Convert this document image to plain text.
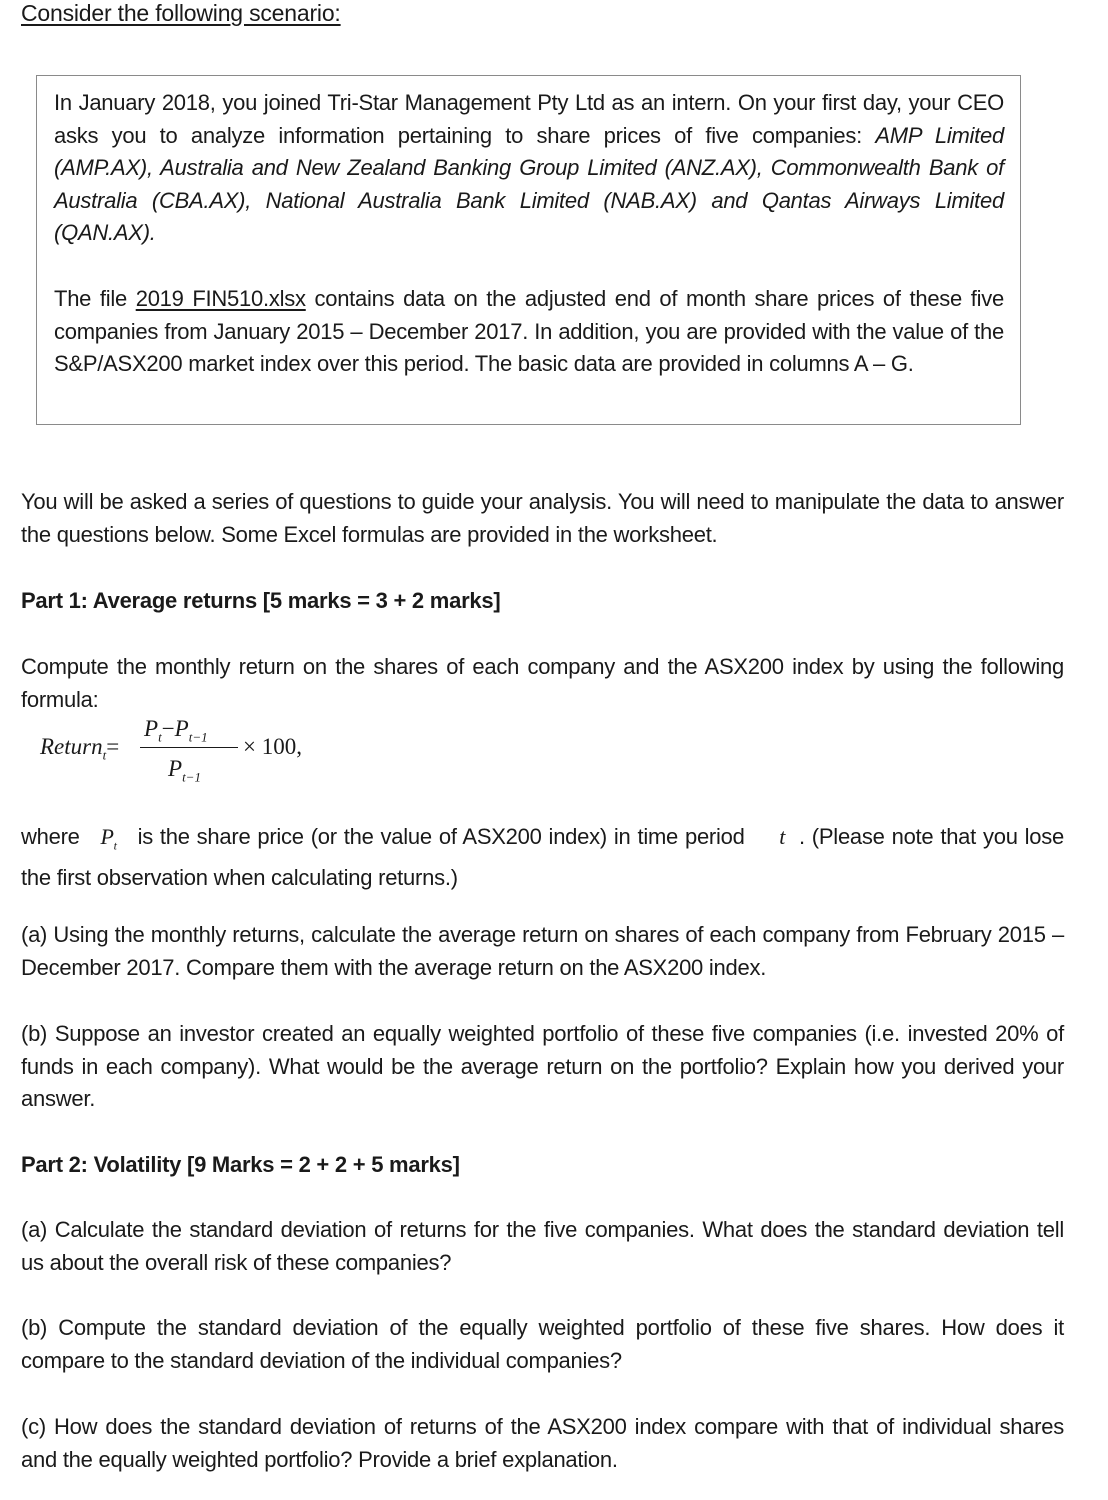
Consider the following scenario:
In January 2018, you joined Tri-Star Management Pty Ltd as an intern. On your first day, your CEO asks you to analyze information pertaining to share prices of five companies: AMP Limited (AMP.AX), Australia and New Zealand Banking Group Limited (ANZ.AX), Commonwealth Bank of Australia (CBA.AX), National Australia Bank Limited (NAB.AX) and Qantas Airways Limited (QAN.AX).
The file 2019 FIN510.xlsx contains data on the adjusted end of month share prices of these five companies from January 2015 – December 2017. In addition, you are provided with the value of the S&P/ASX200 market index over this period. The basic data are provided in columns A – G.
You will be asked a series of questions to guide your analysis. You will need to manipulate the data to answer the questions below. Some Excel formulas are provided in the worksheet.
Part 1: Average returns [5 marks = 3 + 2 marks]
Compute the monthly return on the shares of each company and the ASX200 index by using the following formula:
Return$_t$=
$P_t-P_{t-1}$
$P_{t-1}$
× 100,
where $P_t$ is the share price (or the value of ASX200 index) in time period t . (Please note that you lose the first observation when calculating returns.)
(a) Using the monthly returns, calculate the average return on shares of each company from February 2015 – December 2017. Compare them with the average return on the ASX200 index.
(b) Suppose an investor created an equally weighted portfolio of these five companies (i.e. invested 20% of funds in each company). What would be the average return on the portfolio? Explain how you derived your answer.
Part 2: Volatility [9 Marks = 2 + 2 + 5 marks]
(a) Calculate the standard deviation of returns for the five companies. What does the standard deviation tell us about the overall risk of these companies?
(b) Compute the standard deviation of the equally weighted portfolio of these five shares. How does it compare to the standard deviation of the individual companies?
(c) How does the standard deviation of returns of the ASX200 index compare with that of individual shares and the equally weighted portfolio? Provide a brief explanation.
